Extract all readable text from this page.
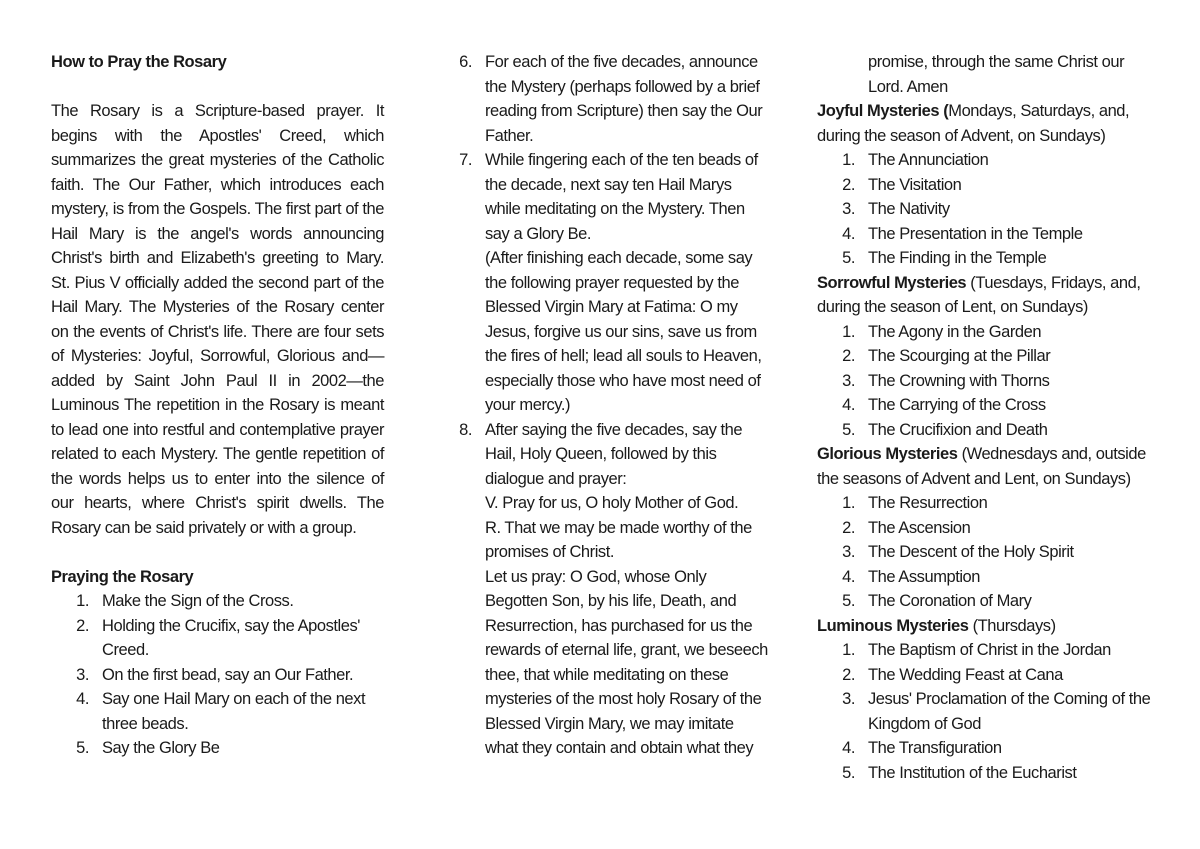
How to Pray the Rosary
The Rosary is a Scripture-based prayer. It begins with the Apostles' Creed, which summarizes the great mysteries of the Catholic faith. The Our Father, which introduces each mystery, is from the Gospels. The first part of the Hail Mary is the angel's words announcing Christ's birth and Elizabeth's greeting to Mary. St. Pius V officially added the second part of the Hail Mary. The Mysteries of the Rosary center on the events of Christ's life. There are four sets of Mysteries: Joyful, Sorrowful, Glorious and—added by Saint John Paul II in 2002—the Luminous The repetition in the Rosary is meant to lead one into restful and contemplative prayer related to each Mystery. The gentle repetition of the words helps us to enter into the silence of our hearts, where Christ's spirit dwells. The Rosary can be said privately or with a group.
Praying the Rosary
1. Make the Sign of the Cross.
2. Holding the Crucifix, say the Apostles' Creed.
3. On the first bead, say an Our Father.
4. Say one Hail Mary on each of the next three beads.
5. Say the Glory Be
6. For each of the five decades, announce the Mystery (perhaps followed by a brief reading from Scripture) then say the Our Father.
7. While fingering each of the ten beads of the decade, next say ten Hail Marys while meditating on the Mystery. Then say a Glory Be.
(After finishing each decade, some say the following prayer requested by the Blessed Virgin Mary at Fatima: O my Jesus, forgive us our sins, save us from the fires of hell; lead all souls to Heaven, especially those who have most need of your mercy.)
8. After saying the five decades, say the Hail, Holy Queen, followed by this dialogue and prayer:
V. Pray for us, O holy Mother of God.
R. That we may be made worthy of the promises of Christ.
Let us pray: O God, whose Only Begotten Son, by his life, Death, and Resurrection, has purchased for us the rewards of eternal life, grant, we beseech thee, that while meditating on these mysteries of the most holy Rosary of the Blessed Virgin Mary, we may imitate what they contain and obtain what they
promise, through the same Christ our Lord. Amen
Joyful Mysteries (Mondays, Saturdays, and, during the season of Advent, on Sundays)
1. The Annunciation
2. The Visitation
3. The Nativity
4. The Presentation in the Temple
5. The Finding in the Temple
Sorrowful Mysteries (Tuesdays, Fridays, and, during the season of Lent, on Sundays)
1. The Agony in the Garden
2. The Scourging at the Pillar
3. The Crowning with Thorns
4. The Carrying of the Cross
5. The Crucifixion and Death
Glorious Mysteries (Wednesdays and, outside the seasons of Advent and Lent, on Sundays)
1. The Resurrection
2. The Ascension
3. The Descent of the Holy Spirit
4. The Assumption
5. The Coronation of Mary
Luminous Mysteries (Thursdays)
1. The Baptism of Christ in the Jordan
2. The Wedding Feast at Cana
3. Jesus' Proclamation of the Coming of the Kingdom of God
4. The Transfiguration
5. The Institution of the Eucharist
